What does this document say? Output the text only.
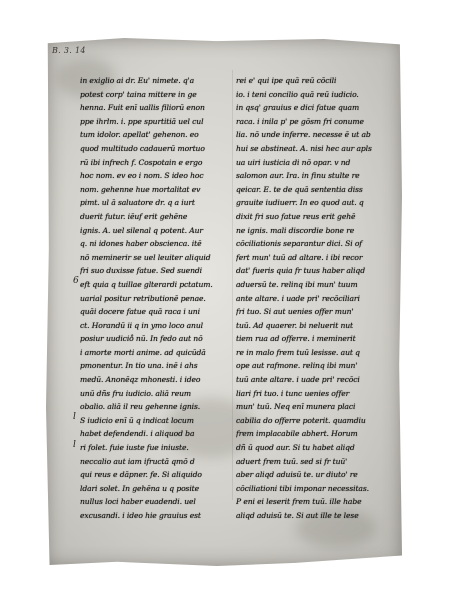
B. 3. 14
6
l
l
in exiglio ai dr. Eu' nimete. q'a
potest corp' taina mittere in ge
henna. Fuit enī uallis filiorū enon
ppe ihrlm. i. ppe spurtitiā uel cul
tum idolor. apellat' gehenon. eo
quod multitudo cadauerū mortuo
rū ibi infrech f. Cospotain e ergo
hoc nom. ev eo i nom. S ideo hoc
nom. gehenne hue mortalitat ev
pimt. ul ā saluatore dr. q a iurt
duerit futur. iēuf erit gehēne
ignis. A. uel silenal q potent. Aur
q. ni idones haber obscienca. itē
nō meminerir se uel leuiter aliquid
fri suo duxisse fatue. Sed suendi
eft quia q tuillae glterardi pctatum.
uarial positur retributionē penae.
quāi docere fatue quā raca i uni
ct. Horandū ii q in ymo loco anul
posiur uudicio̊ nū. In fedo aut nō
i amorte morti anime. ad quicūdā
pmonentur. In tio una. inē i ahs
medū. Anonēqz mhonesti. i ideo
unū dñs fru iudicio. aliā reum
obalio. aliā il reu gehenne ignis.
S iudicio enī ū q indicat locum
habet defendendi. i aliquod ba
ri folet. fuie iuste fue iniuste.
neccalio aut iam ifructā qmō d
qui reus e dāpner. fe. Si aliquido
ldari solet. In gehēna u q posite
nullus loci haber euadendi. uel
excusandi. i ideo hie grauius est
rei e' qui ipe quā reū cōcili
io. i teni concilio quā reū iudicio.
in qsq' grauius e dici fatue quam
raca. i inila p' pe gōsm fri conume
lia. nō unde inferre. necesse ē ut ab
hui se abstineat. A. nisi hec aur apls
ua uiri iusticia di nō opar. v nd
salomon aur. Ira. in finu stulte re
qeicar. E. te de quā sententia diss
grauite iudiuerr. In eo quod aut. q
dixit fri suo fatue reus erit gehē
ne ignis. mali discordie bone re
cōciliationis separantur dici. Si of
fert mun' tuū ad altare. i ibi recor
dat' fueris quia fr tuus haber aliqd
aduersū te. relinq ibi mun' tuum
ante altare. i uade pri' recōciliari
fri tuo. Si aut uenies offer mun'
tuū. Ad quaerer. bi neluerit nut
tiem rua ad offerre. i meminerit
re in malo frem tuū lesisse. aut q
ope aut rafmone. relinq ibi mun'
tuū ante altare. i uade pri' recōci
liari fri tuo. i tunc uenies offer
mun' tuū. Neq enī munera placi
cabilia do offerre poterit. quamdiu
frem implacabile abhert. Horum
dñ ū quod aur. Si tu habet aliqd
aduert frem tuū. sed si fr tuū'
aber aliqd aduisū te. ur diuto' re
cōciliationi tibi imponar necessitas.
P eni ei leserit frem tuū. ille habe
aliqd aduisū te. Si aut ille te lese
